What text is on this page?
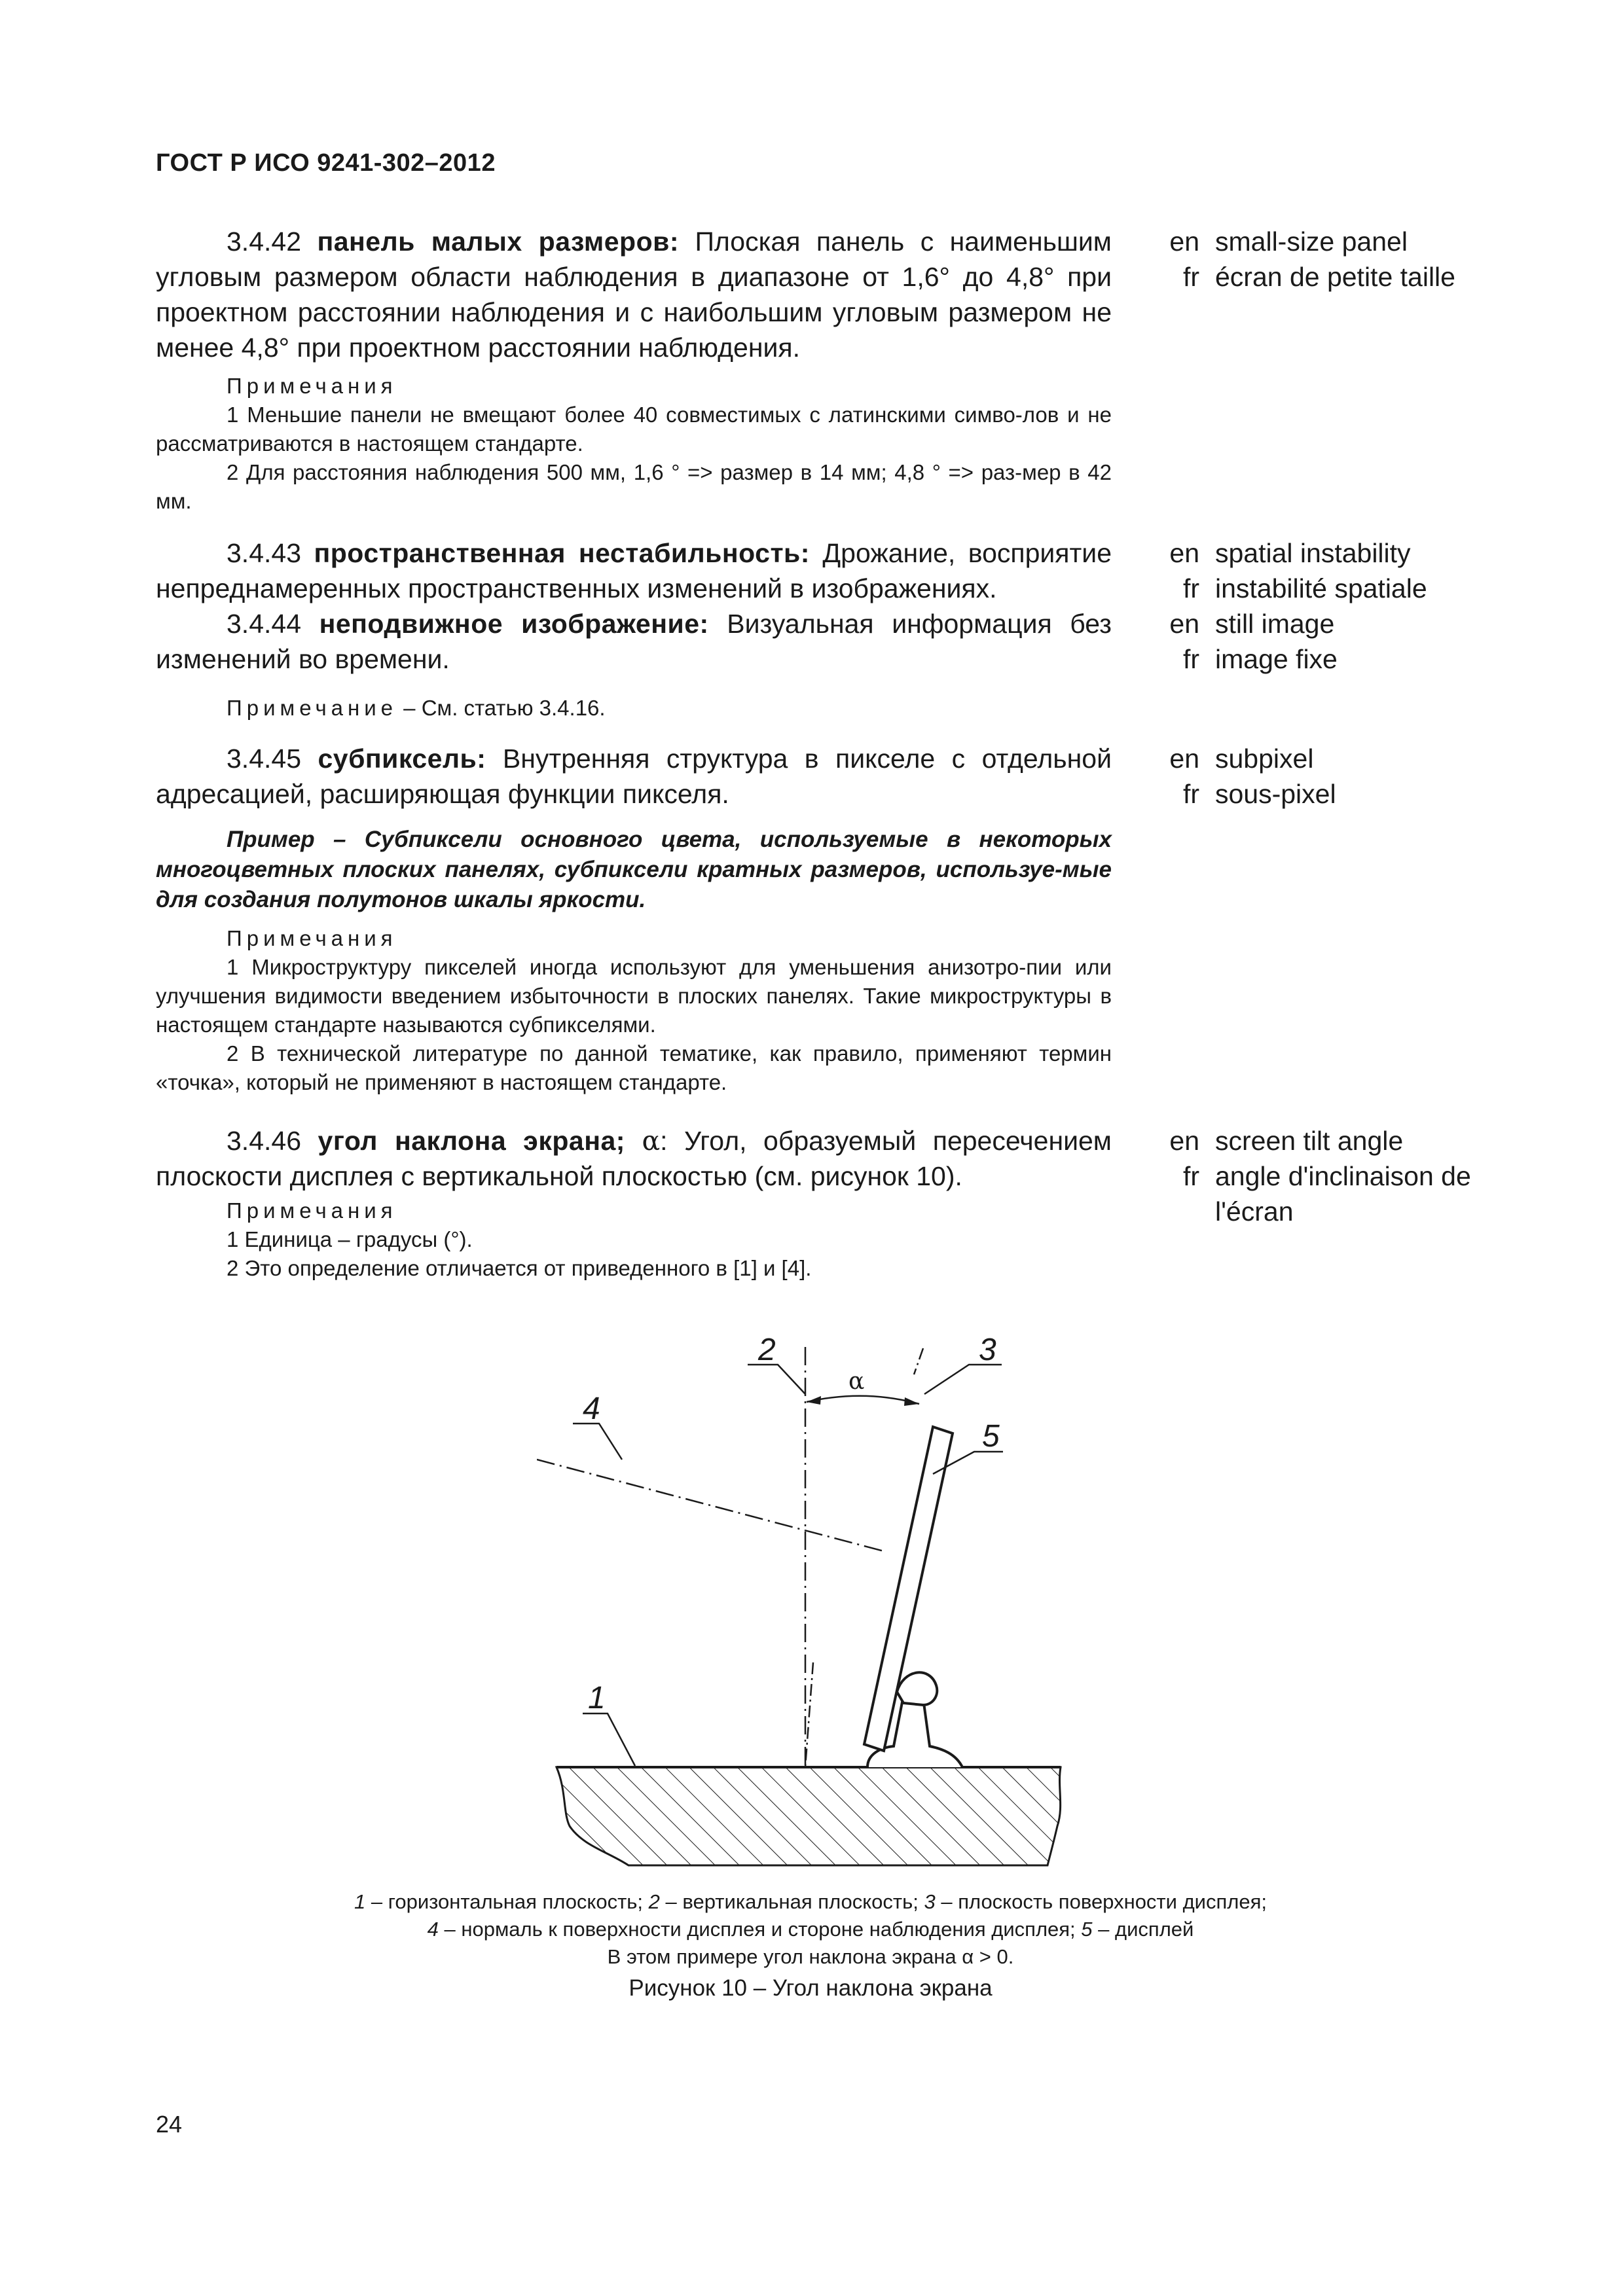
ГОСТ Р ИСО 9241-302–2012
3.4.42 панель малых размеров: Плоская панель с наименьшим угловым размером области наблюдения в диапазоне от 1,6° до 4,8° при проектном расстоянии наблюдения и с наибольшим угловым размером не менее 4,8° при проектном расстоянии наблюдения.
en small-size panel
fr écran de petite taille
Примечания
1 Меньшие панели не вмещают более 40 совместимых с латинскими симво-лов и не рассматриваются в настоящем стандарте.
2 Для расстояния наблюдения 500 мм, 1,6 ° => размер в 14 мм; 4,8 ° => раз-мер в 42 мм.
3.4.43 пространственная нестабильность: Дрожание, восприятие непреднамеренных пространственных изменений в изображениях.
en spatial instability
fr instabilité spatiale
3.4.44 неподвижное изображение: Визуальная информация без изменений во времени.
en still image
fr image fixe
Примечание – См. статью 3.4.16.
3.4.45 субпиксель: Внутренняя структура в пикселе с отдельной адресацией, расширяющая функции пикселя.
en subpixel
fr sous-pixel
Пример – Субпиксели основного цвета, используемые в некоторых многоцветных плоских панелях, субпиксели кратных размеров, используе-мые для создания полутонов шкалы яркости.
Примечания
1 Микроструктуру пикселей иногда используют для уменьшения анизотро-пии или улучшения видимости введением избыточности в плоских панелях. Такие микроструктуры в настоящем стандарте называются субпикселями.
2 В технической литературе по данной тематике, как правило, применяют термин «точка», который не применяют в настоящем стандарте.
3.4.46 угол наклона экрана; α: Угол, образуемый пересечением плоскости дисплея с вертикальной плоскостью (см. рисунок 10).
en screen tilt angle
fr angle d'inclinaison de l'écran
Примечания
1 Единица – градусы (°).
2 Это определение отличается от приведенного в [1] и [4].
α
2	3
4
5
1
1 – горизонтальная плоскость; 2 – вертикальная плоскость; 3 – плоскость поверхности дисплея;
4 – нормаль к поверхности дисплея и стороне наблюдения дисплея; 5 – дисплей
В этом примере угол наклона экрана α > 0.
Рисунок 10 – Угол наклона экрана
24
